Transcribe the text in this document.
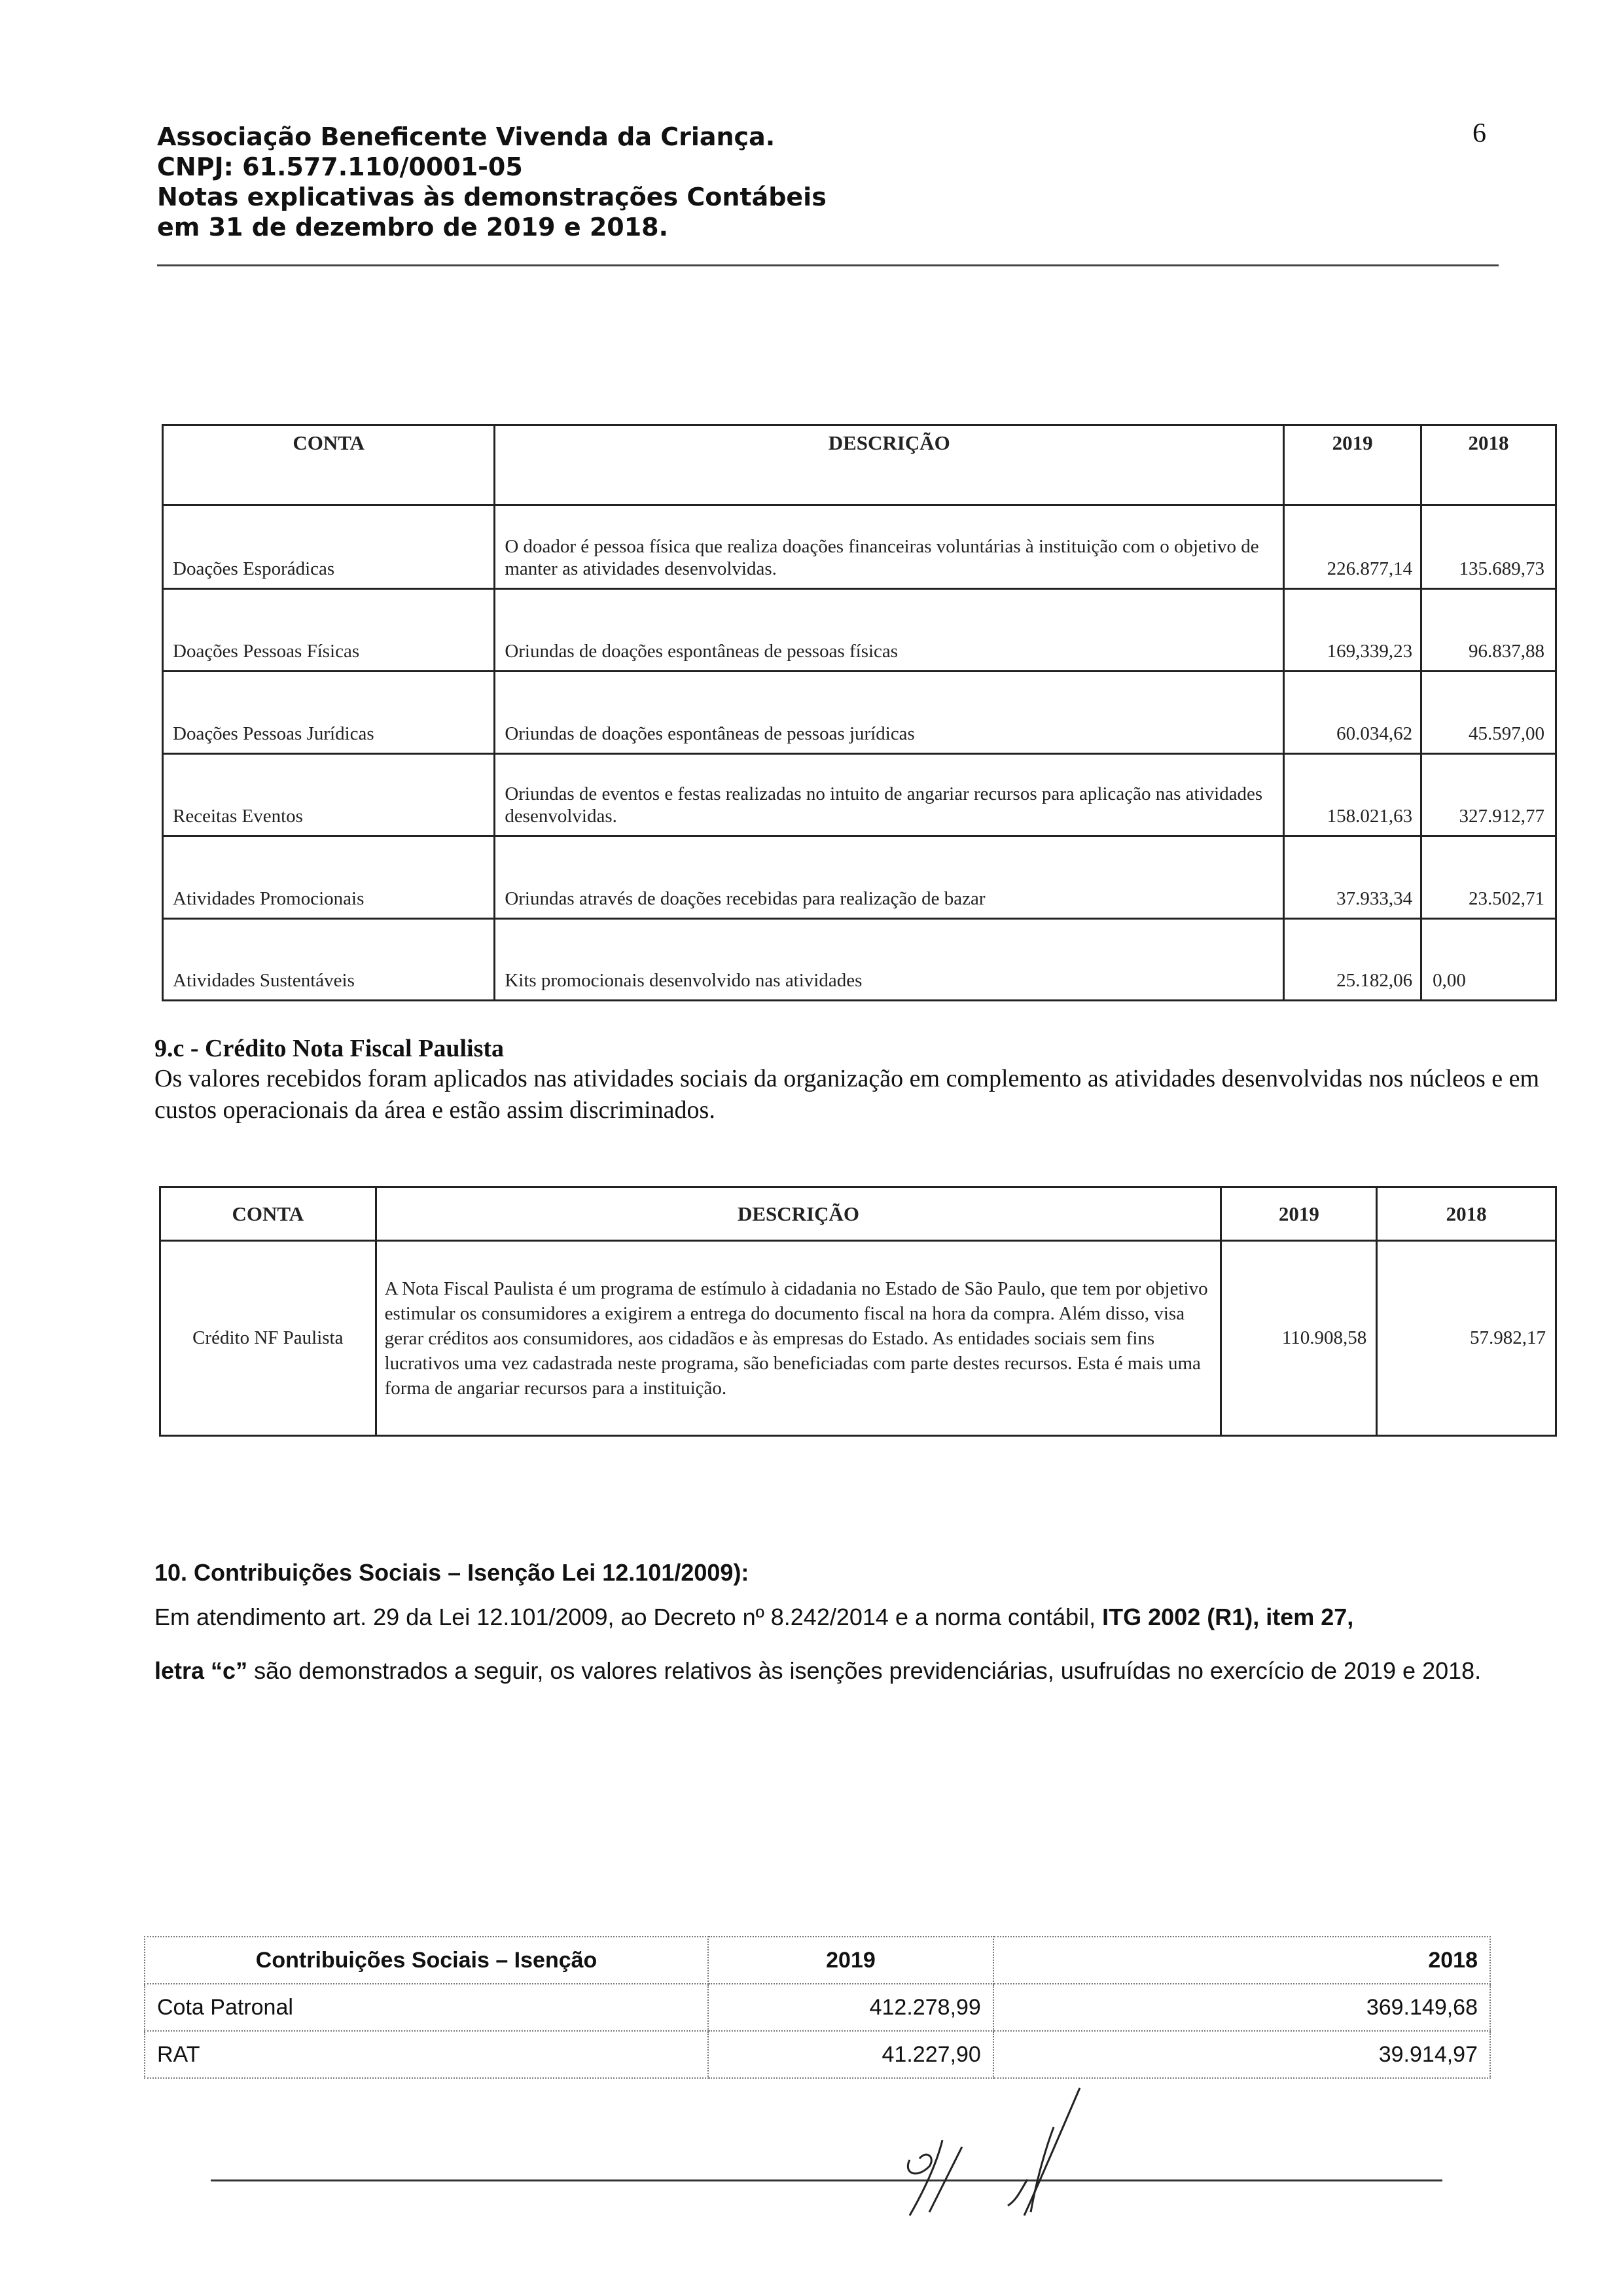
Associação Beneficente Vivenda da Criança.
CNPJ: 61.577.110/0001-05
Notas explicativas às demonstrações Contábeis
em 31 de dezembro de 2019 e 2018.
6
CONTA	DESCRIÇÃO	2019	2018
Doações Esporádicas	O doador é pessoa física que realiza doações financeiras voluntárias à instituição com o objetivo de manter as atividades desenvolvidas.	226.877,14	135.689,73
Doações Pessoas Físicas	Oriundas de doações espontâneas de pessoas físicas	169,339,23	96.837,88
Doações Pessoas Jurídicas	Oriundas de doações espontâneas de pessoas jurídicas	60.034,62	45.597,00
Receitas Eventos	Oriundas de eventos e festas realizadas no intuito de angariar recursos para aplicação nas atividades desenvolvidas.	158.021,63	327.912,77
Atividades Promocionais	Oriundas através de doações recebidas para realização de bazar	37.933,34	23.502,71
Atividades Sustentáveis	Kits promocionais desenvolvido nas atividades	25.182,06	0,00
9.c - Crédito Nota Fiscal Paulista
Os valores recebidos foram aplicados nas atividades sociais da organização em complemento as atividades desenvolvidas nos núcleos e em custos operacionais da área e estão assim discriminados.
CONTA	DESCRIÇÃO	2019	2018
Crédito NF Paulista	A Nota Fiscal Paulista é um programa de estímulo à cidadania no Estado de São Paulo, que tem por objetivo estimular os consumidores a exigirem a entrega do documento fiscal na hora da compra. Além disso, visa gerar créditos aos consumidores, aos cidadãos e às empresas do Estado. As entidades sociais sem fins lucrativos uma vez cadastrada neste programa, são beneficiadas com parte destes recursos. Esta é mais uma forma de angariar recursos para a instituição.	110.908,58	57.982,17
10. Contribuições Sociais – Isenção Lei 12.101/2009):
Em atendimento art. 29 da Lei 12.101/2009, ao Decreto nº 8.242/2014 e a norma contábil, ITG 2002 (R1), item 27,
letra “c” são demonstrados a seguir, os valores relativos às isenções previdenciárias, usufruídas no exercício de 2019 e 2018.
Contribuições Sociais – Isenção	2019	2018
Cota Patronal	412.278,99	369.149,68
RAT	41.227,90	39.914,97
